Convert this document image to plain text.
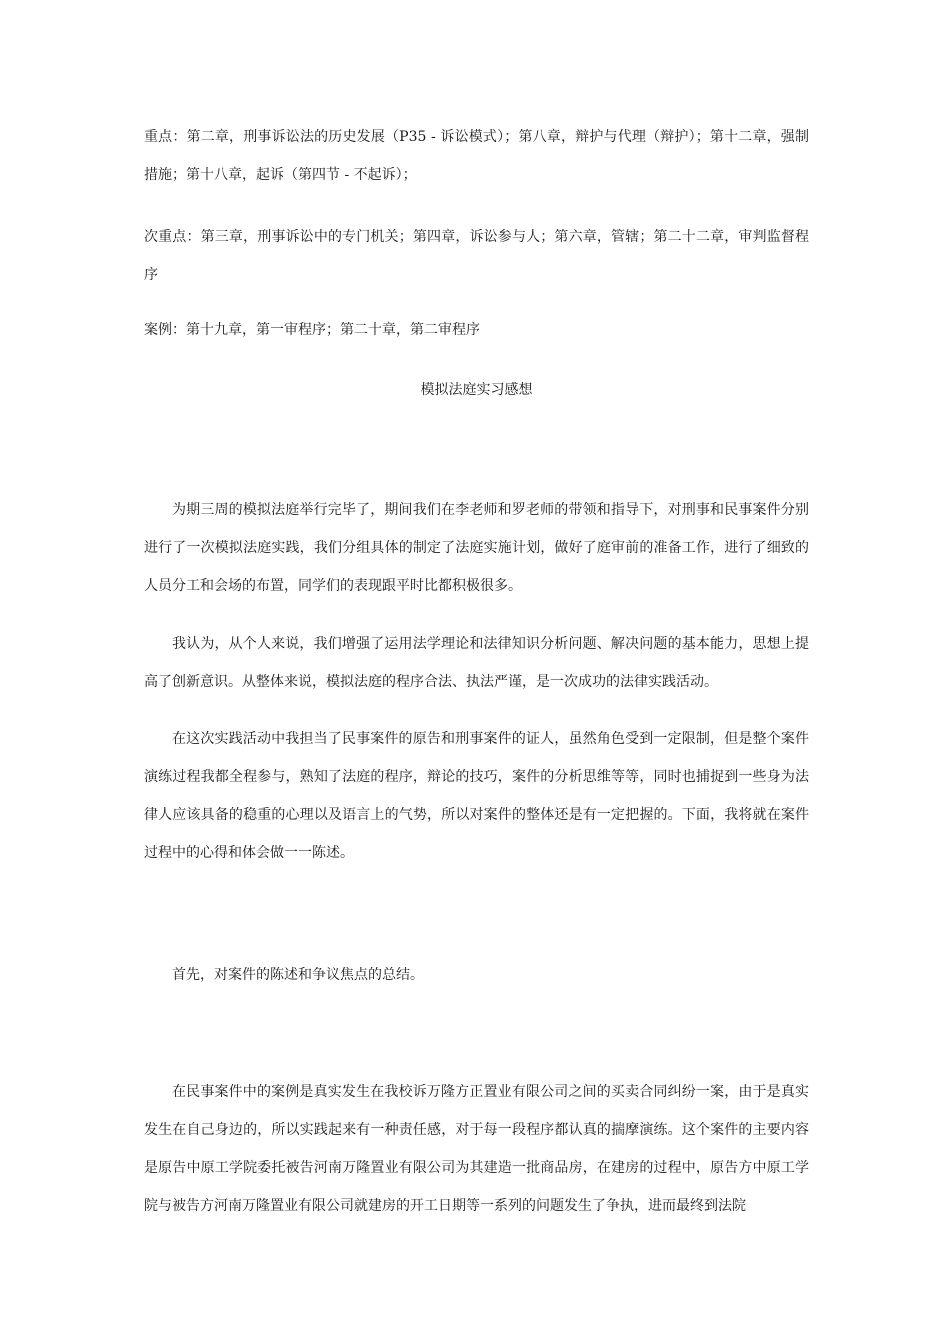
重点：第二章，刑事诉讼法的历史发展（P35 - 诉讼模式）；第八章，辩护与代理（辩护）；第十二章，强制措施；第十八章，起诉（第四节 - 不起诉）；

次重点：第三章，刑事诉讼中的专门机关；第四章，诉讼参与人；第六章，管辖；第二十二章，审判监督程序

案例：第十九章，第一审程序；第二十章，第二审程序

模拟法庭实习感想

为期三周的模拟法庭举行完毕了，期间我们在李老师和罗老师的带领和指导下，对刑事和民事案件分别进行了一次模拟法庭实践，我们分组具体的制定了法庭实施计划，做好了庭审前的准备工作，进行了细致的人员分工和会场的布置，同学们的表现跟平时比都积极很多。

我认为，从个人来说，我们增强了运用法学理论和法律知识分析问题、解决问题的基本能力，思想上提高了创新意识。从整体来说，模拟法庭的程序合法、执法严谨，是一次成功的法律实践活动。

在这次实践活动中我担当了民事案件的原告和刑事案件的证人，虽然角色受到一定限制，但是整个案件演练过程我都全程参与，熟知了法庭的程序，辩论的技巧，案件的分析思维等等，同时也捕捉到一些身为法律人应该具备的稳重的心理以及语言上的气势，所以对案件的整体还是有一定把握的。下面，我将就在案件过程中的心得和体会做一一陈述。

首先，对案件的陈述和争议焦点的总结。

在民事案件中的案例是真实发生在我校诉万隆方正置业有限公司之间的买卖合同纠纷一案，由于是真实发生在自己身边的，所以实践起来有一种责任感，对于每一段程序都认真的揣摩演练。这个案件的主要内容是原告中原工学院委托被告河南万隆置业有限公司为其建造一批商品房，在建房的过程中，原告方中原工学院与被告方河南万隆置业有限公司就建房的开工日期等一系列的问题发生了争执，进而最终到法院
